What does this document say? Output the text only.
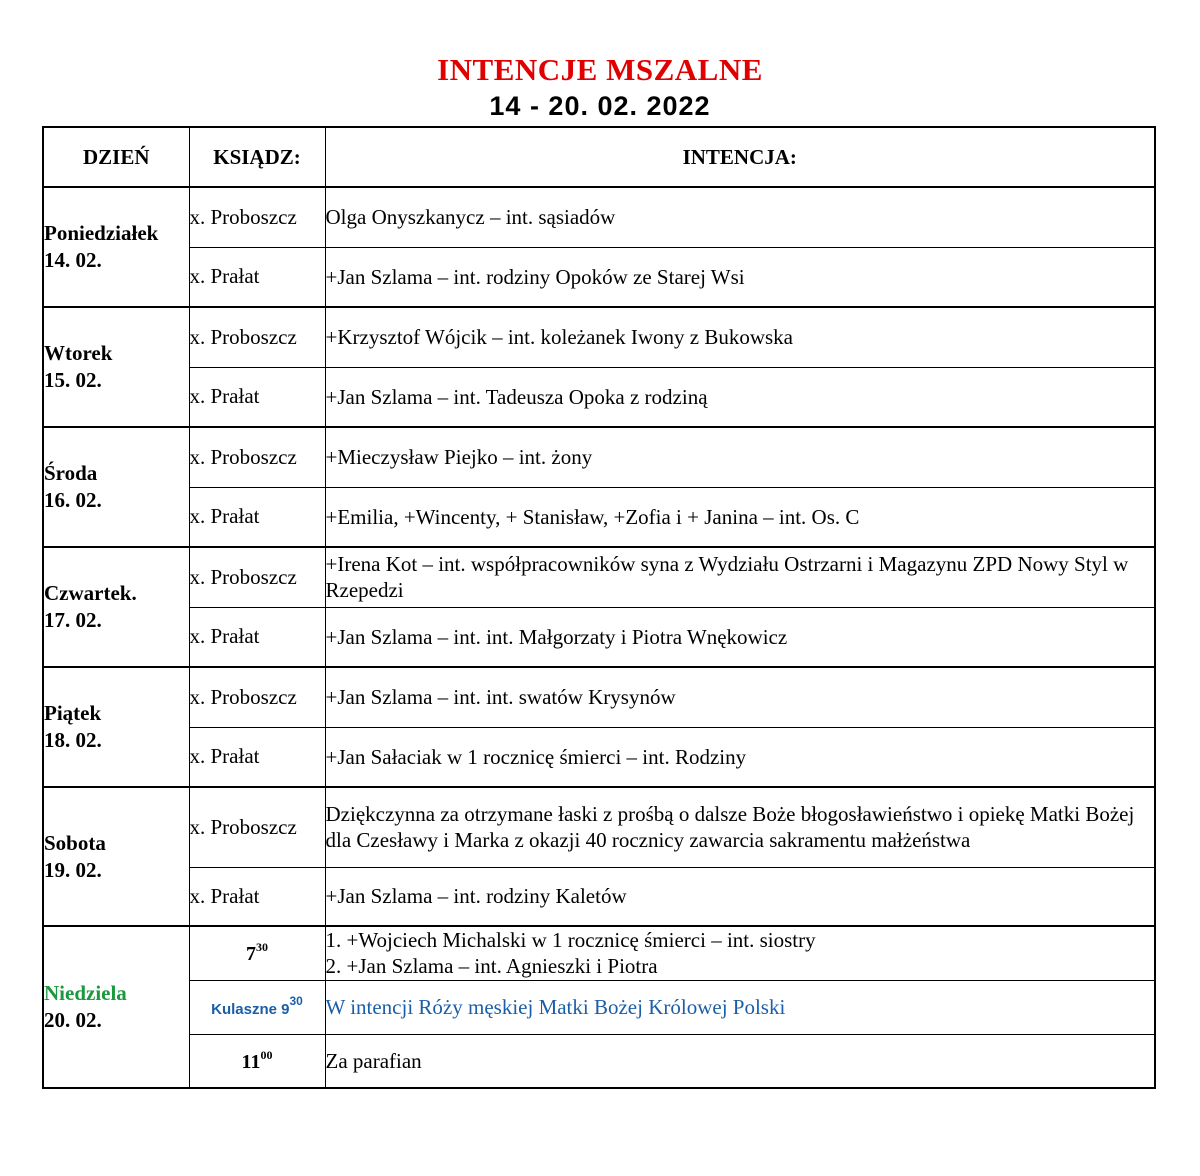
INTENCJE MSZALNE
14 - 20. 02. 2022
DZIEŃ	KSIĄDZ:	INTENCJA:

Poniedziałek
14. 02.	x. Proboszcz	Olga Onyszkanycz – int. sąsiadów
	x. Prałat	+Jan Szlama – int. rodziny Opoków ze Starej Wsi

Wtorek
15. 02.	x. Proboszcz	+Krzysztof Wójcik – int. koleżanek Iwony z Bukowska
	x. Prałat	+Jan Szlama – int. Tadeusza Opoka z rodziną

Środa
16. 02.	x. Proboszcz	+Mieczysław Piejko – int. żony
	x. Prałat	+Emilia, +Wincenty, + Stanisław, +Zofia i + Janina – int. Os. C

Czwartek.
17. 02.	x. Proboszcz	+Irena Kot – int. współpracowników syna z Wydziału Ostrzarni i Magazynu ZPD Nowy Styl w Rzepedzi
	x. Prałat	+Jan Szlama – int. int. Małgorzaty i Piotra Wnękowicz

Piątek
18. 02.	x. Proboszcz	+Jan Szlama – int. int. swatów Krysynów
	x. Prałat	+Jan Sałaciak w 1 rocznicę śmierci – int. Rodziny

Sobota
19. 02.	x. Proboszcz	Dziękczynna za otrzymane łaski z prośbą o dalsze Boże błogosławieństwo i opiekę Matki Bożej dla Czesławy i Marka z okazji 40 rocznicy zawarcia sakramentu małżeństwa
	x. Prałat	+Jan Szlama – int. rodziny Kaletów

Niedziela
20. 02.	$7^{30}$	1. +Wojciech Michalski w 1 rocznicę śmierci – int. siostry
2. +Jan Szlama – int. Agnieszki i Piotra

	Kulaszne $9^{30}$	W intencji Róży męskiej Matki Bożej Królowej Polski
	$11^{00}$	Za parafian
